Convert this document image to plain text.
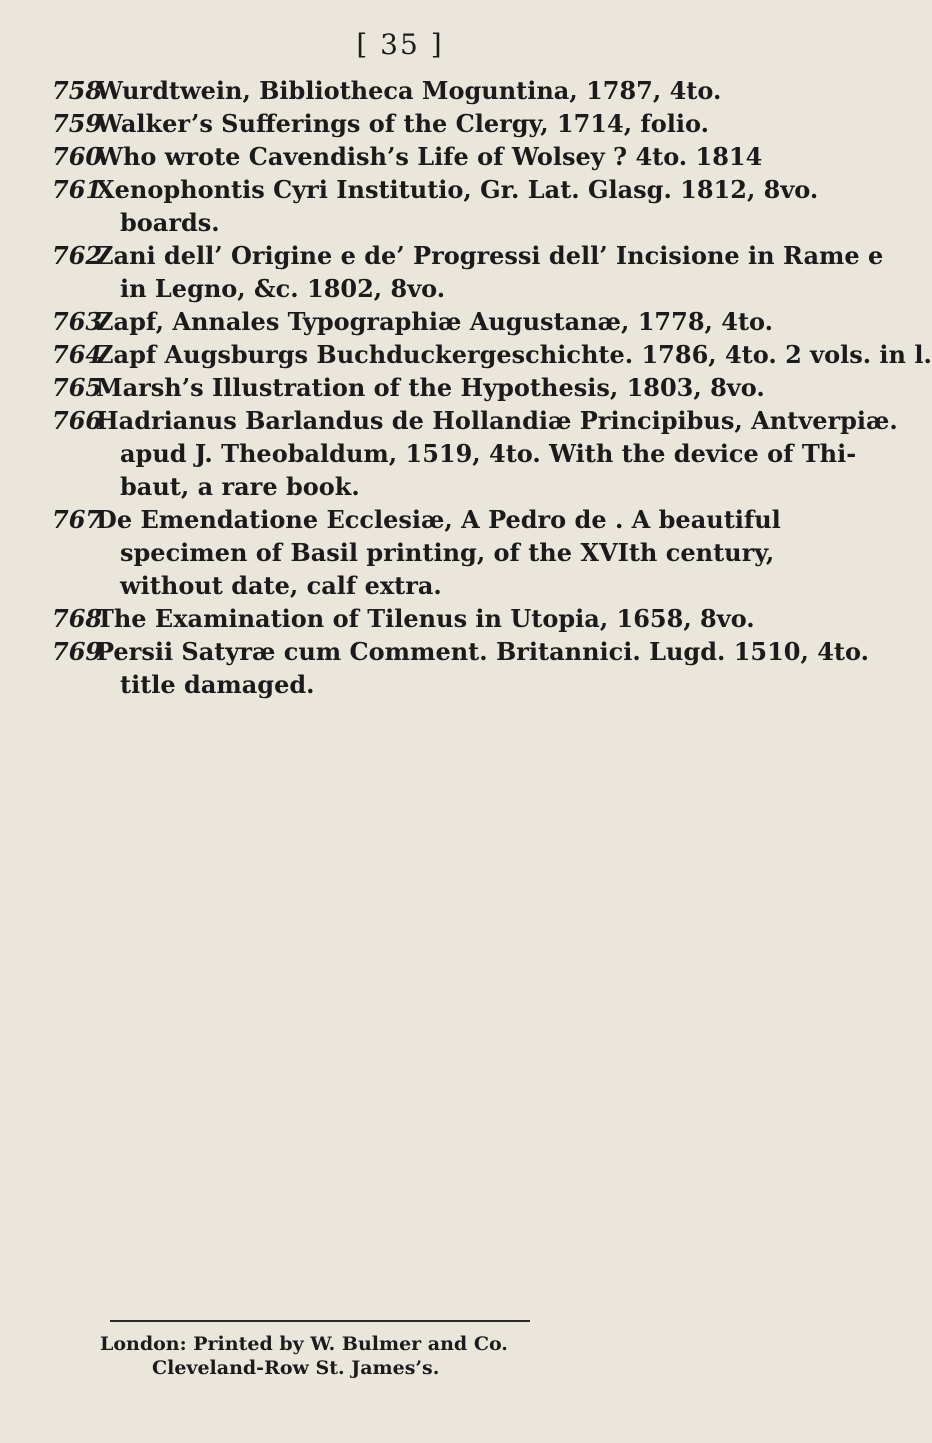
[ 35 ]
758
Wurdtwein, Bibliotheca Moguntina, 1787, 4to.
759
Walker’s Sufferings of the Clergy, 1714, folio.
760
Who wrote Cavendish’s Life of Wolsey ? 4to. 1814
761
Xenophontis Cyri Institutio, Gr. Lat. Glasg. 1812, 8vo.
boards.
762
Zani dell’ Origine e de’ Progressi dell’ Incisione in Rame e
in Legno, &c. 1802, 8vo.
763
Zapf, Annales Typographiæ Augustanæ, 1778, 4to.
764
Zapf Augsburgs Buchduckergeschichte. 1786, 4to. 2 vols. in l.
765
Marsh’s Illustration of the Hypothesis, 1803, 8vo.
766
Hadrianus Barlandus de Hollandiæ Principibus, Antverpiæ.
apud J. Theobaldum, 1519, 4to. With the device of Thi-
baut, a rare book.
767
De Emendatione Ecclesiæ, A Pedro de . A beautiful
specimen of Basil printing, of the XVIth century,
without date, calf extra.
768
The Examination of Tilenus in Utopia, 1658, 8vo.
769
Persii Satyræ cum Comment. Britannici. Lugd. 1510, 4to.
title damaged.
London: Printed by W. Bulmer and Co.
Cleveland-Row St. James’s.
